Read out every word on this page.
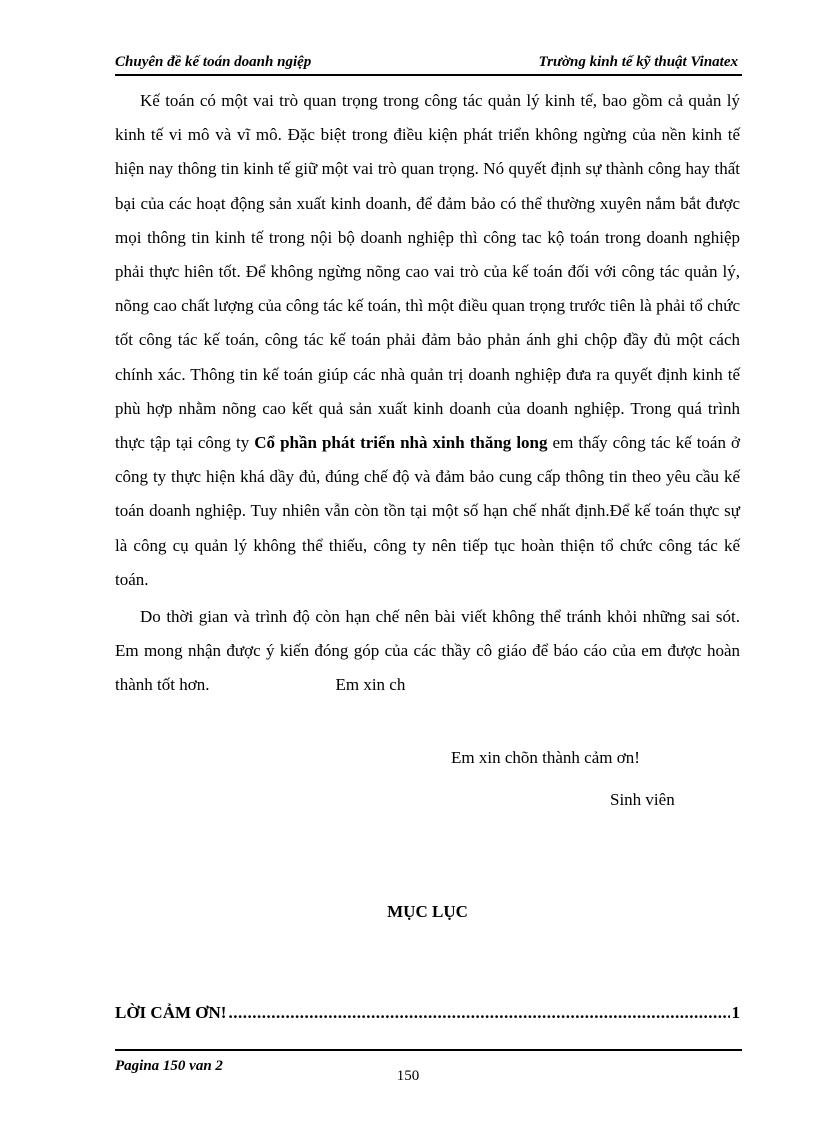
Chuyên đề kế toán doanh ngiệp	Trường kinh tế kỹ thuật Vinatex

Kế toán có một vai trò quan trọng trong công tác quản lý kinh tế, bao gồm cả quản lý kinh tế vi mô và vĩ mô. Đặc biệt trong điều kiện phát triển không ngừng của nền kinh tế hiện nay thông tin kinh tế giữ một vai trò quan trọng. Nó quyết định sự thành công hay thất bại của các hoạt động sản xuất kinh doanh, để đảm bảo có thể thường xuyên nắm bắt được mọi thông tin kinh tế trong nội bộ doanh nghiệp thì công tac kộ toán trong doanh nghiệp phải thực hiên tốt. Để không ngừng nõng cao vai trò của kế toán đối với công tác quản lý, nõng cao chất lượng của công tác kế toán, thì một điều quan trọng trước tiên là phải tổ chức tốt công tác kế toán, công tác kế toán phải đảm bảo phản ánh ghi chộp đầy đủ một cách chính xác. Thông tin kế toán giúp các nhà quản trị doanh nghiệp đưa ra quyết định kinh tế phù hợp nhằm nõng cao kết quả sản xuất kinh doanh của doanh nghiệp. Trong quá trình thực tập tại công ty Cổ phần phát triển nhà xinh thăng long em thấy công tác kế toán ở công ty thực hiện khá dầy đủ, đúng chế độ và đảm bảo cung cấp thông tin theo yêu cầu kế toán doanh nghiệp. Tuy nhiên vẫn còn tồn tại một số hạn chế nhất định.Để kế toán thực sự là công cụ quản lý không thể thiếu, công ty nên tiếp tục hoàn thiện tổ chức công tác kế toán.

Do thời gian và trình độ còn hạn chế nên bài viết không thể tránh khỏi những sai sót. Em mong nhận được ý kiến đóng góp của các thầy cô giáo để báo cáo của em được hoàn thành tốt hơn.	Em xin ch

Em xin chõn thành cảm ơn!
Sinh viên
MỤC LỤC
LỜI CẢM ƠN!
.....	1
Pagina 150 van 2
150
